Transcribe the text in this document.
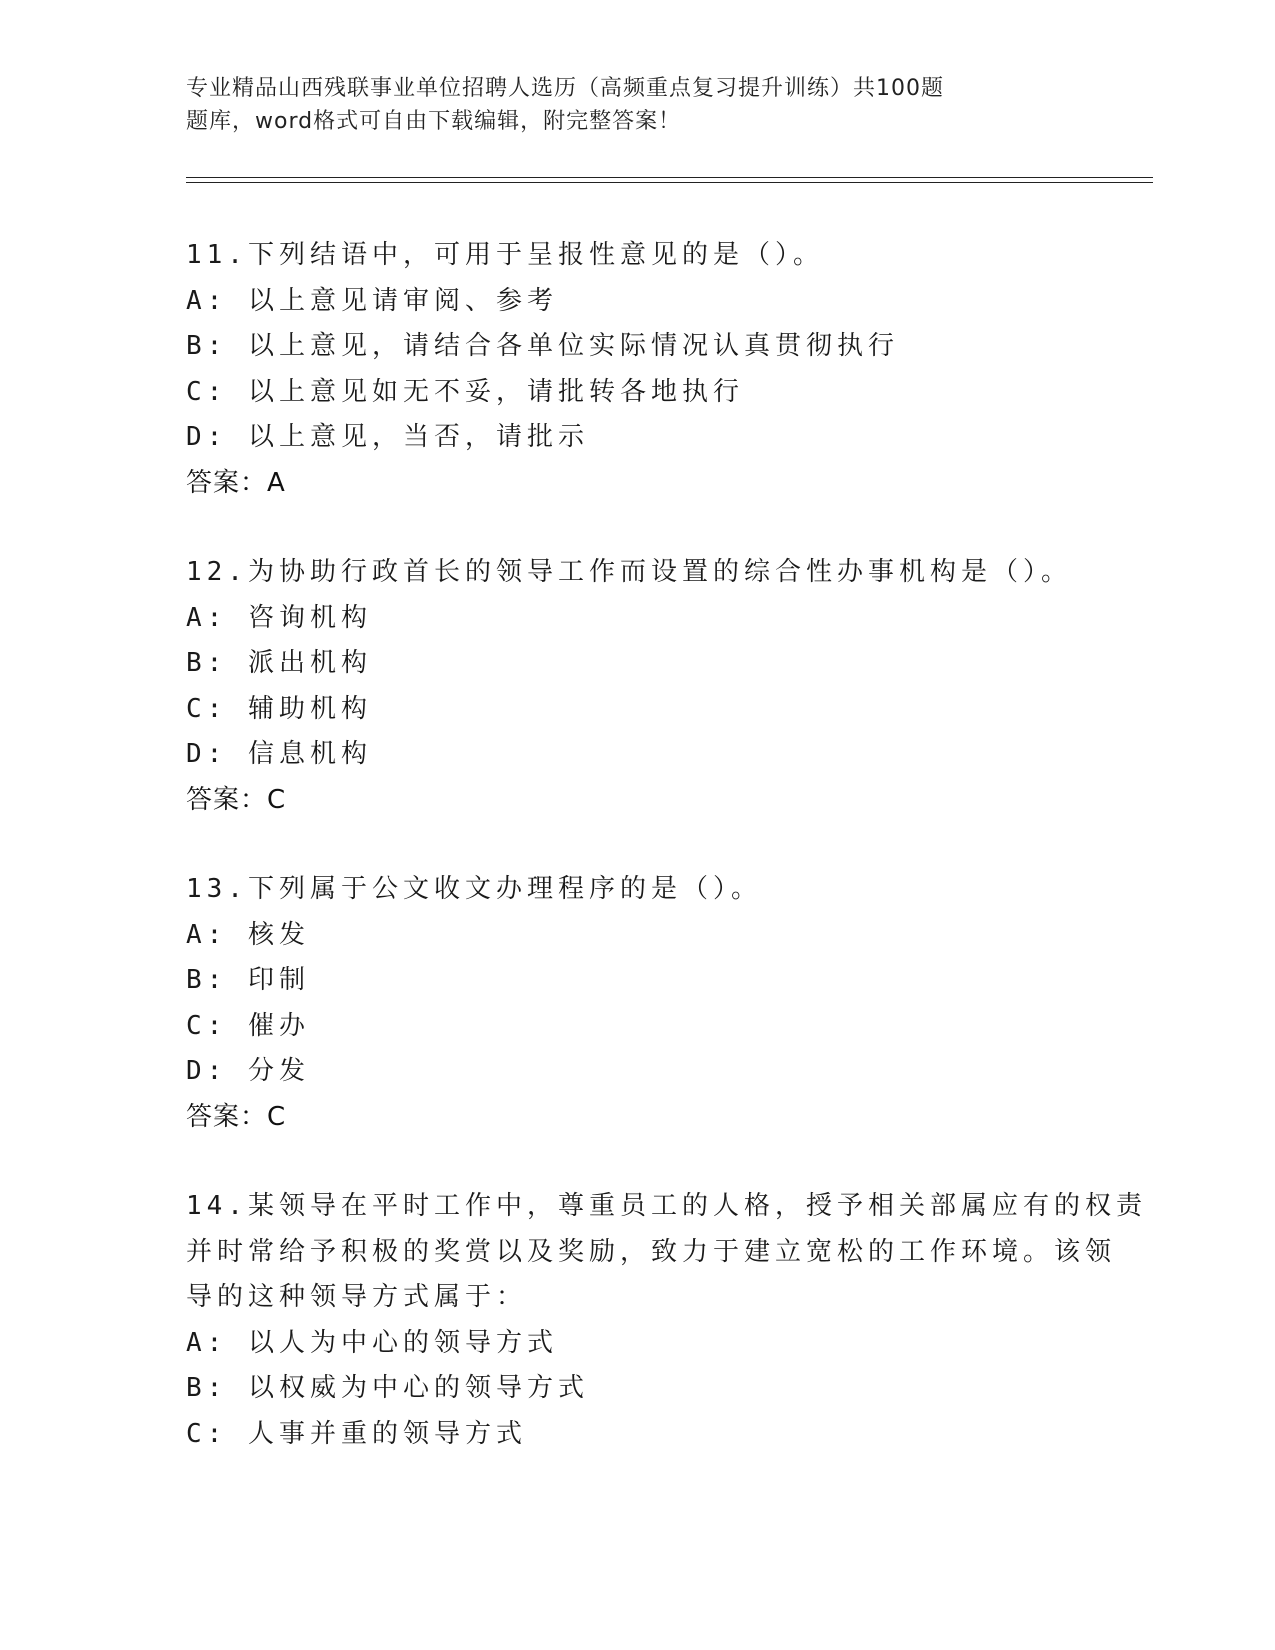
专业精品山西残联事业单位招聘人选历（高频重点复习提升训练）共100题
题库，word格式可自由下载编辑，附完整答案！
11.下列结语中，可用于呈报性意见的是（）。
A: 以上意见请审阅、参考
B: 以上意见，请结合各单位实际情况认真贯彻执行
C: 以上意见如无不妥，请批转各地执行
D: 以上意见，当否，请批示
答案：A
12.为协助行政首长的领导工作而设置的综合性办事机构是（）。
A: 咨询机构
B: 派出机构
C: 辅助机构
D: 信息机构
答案：C
13.下列属于公文收文办理程序的是（）。
A: 核发
B: 印制
C: 催办
D: 分发
答案：C
14.某领导在平时工作中，尊重员工的人格，授予相关部属应有的权责
并时常给予积极的奖赏以及奖励，致力于建立宽松的工作环境。该领
导的这种领导方式属于：
A: 以人为中心的领导方式
B: 以权威为中心的领导方式
C: 人事并重的领导方式
